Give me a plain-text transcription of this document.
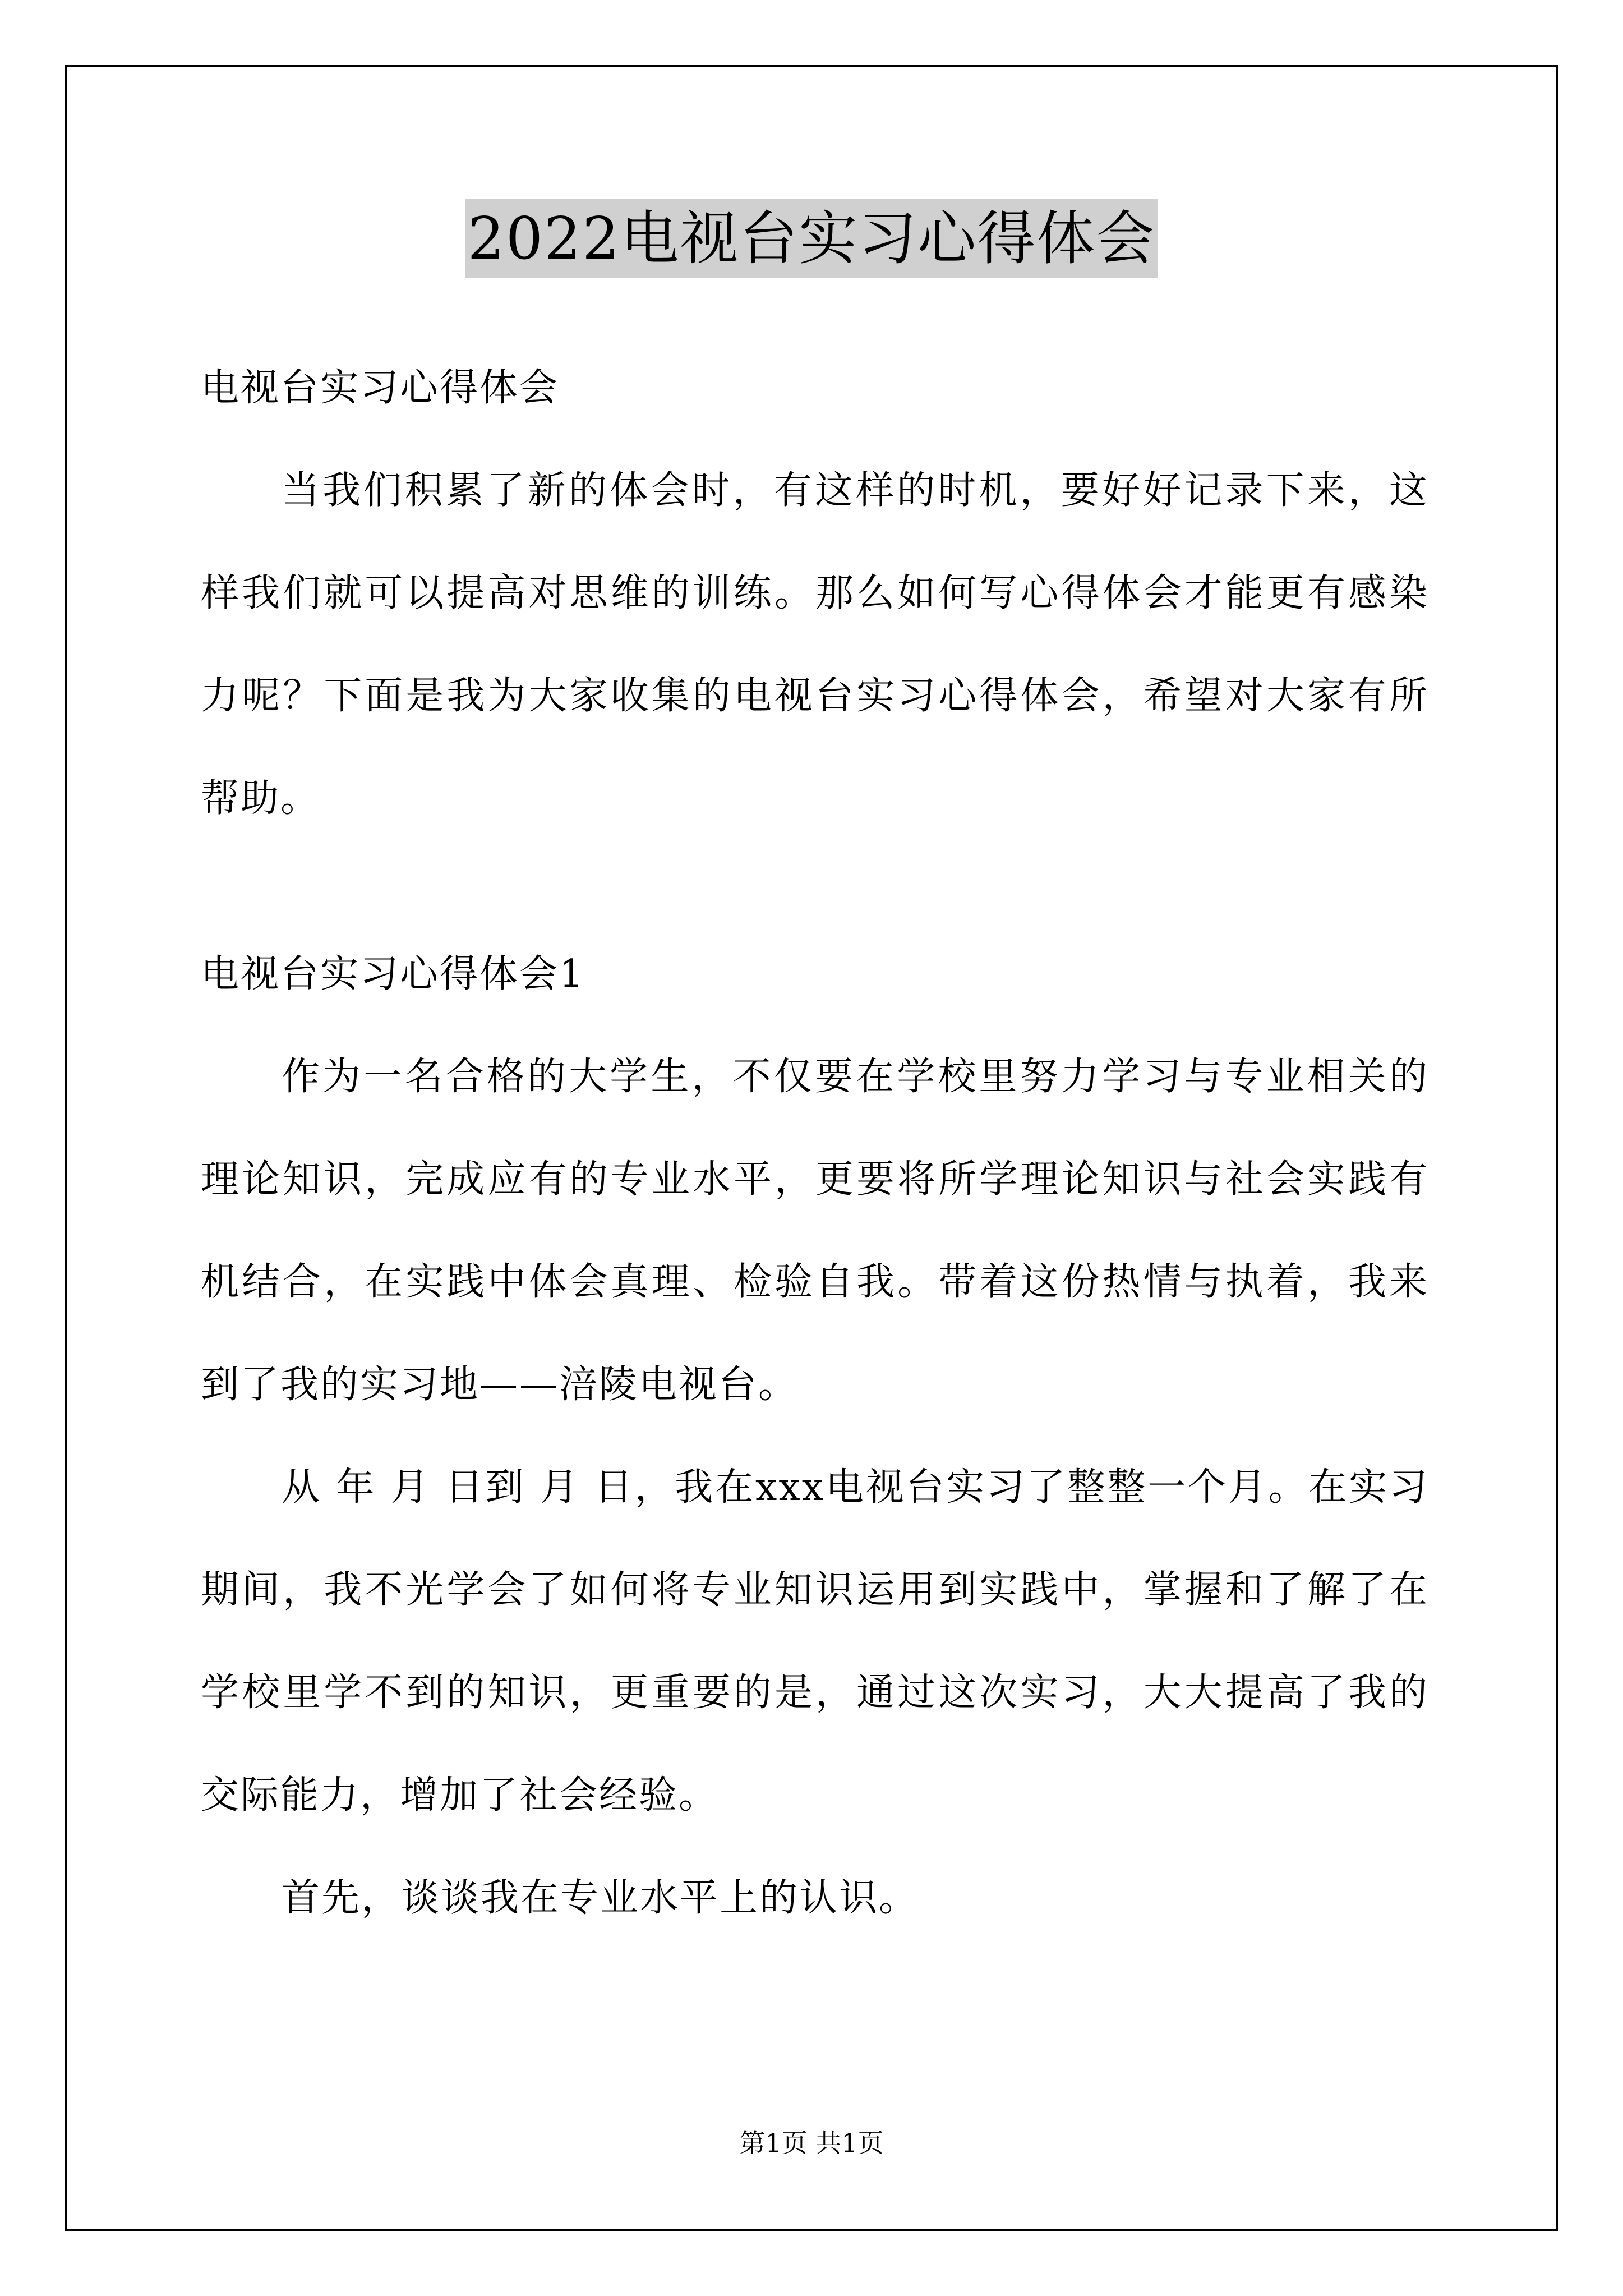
2022电视台实习心得体会

电视台实习心得体会

当我们积累了新的体会时，有这样的时机，要好好记录下来，这样我们就可以提高对思维的训练。那么如何写心得体会才能更有感染力呢？下面是我为大家收集的电视台实习心得体会，希望对大家有所帮助。

电视台实习心得体会1

作为一名合格的大学生，不仅要在学校里努力学习与专业相关的理论知识，完成应有的专业水平，更要将所学理论知识与社会实践有机结合，在实践中体会真理、检验自我。带着这份热情与执着，我来到了我的实习地——涪陵电视台。

从 年 月 日到 月 日，我在xxx电视台实习了整整一个月。在实习期间，我不光学会了如何将专业知识运用到实践中，掌握和了解了在学校里学不到的知识，更重要的是，通过这次实习，大大提高了我的交际能力，增加了社会经验。

首先，谈谈我在专业水平上的认识。

第1页 共1页
